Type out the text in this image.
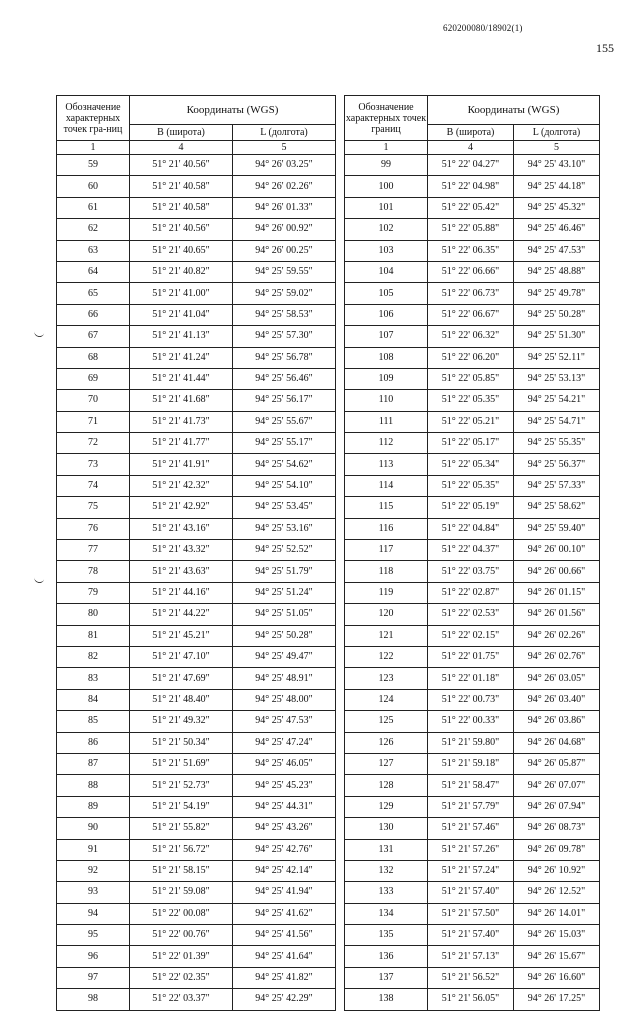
620200080/18902(1)
155
Обозначение характерных точек гра-ниц	Координаты (WGS)	
	B (широта)	L (долгота)
1	4	5
59	51° 21' 40.56"	94° 26' 03.25"
60	51° 21' 40.58"	94° 26' 02.26"
61	51° 21' 40.58"	94° 26' 01.33"
62	51° 21' 40.56"	94° 26' 00.92"
63	51° 21' 40.65"	94° 26' 00.25"
64	51° 21' 40.82"	94° 25' 59.55"
65	51° 21' 41.00"	94° 25' 59.02"
66	51° 21' 41.04"	94° 25' 58.53"
67	51° 21' 41.13"	94° 25' 57.30"
68	51° 21' 41.24"	94° 25' 56.78"
69	51° 21' 41.44"	94° 25' 56.46"
70	51° 21' 41.68"	94° 25' 56.17"
71	51° 21' 41.73"	94° 25' 55.67"
72	51° 21' 41.77"	94° 25' 55.17"
73	51° 21' 41.91"	94° 25' 54.62"
74	51° 21' 42.32"	94° 25' 54.10"
75	51° 21' 42.92"	94° 25' 53.45"
76	51° 21' 43.16"	94° 25' 53.16"
77	51° 21' 43.32"	94° 25' 52.52"
78	51° 21' 43.63"	94° 25' 51.79"
79	51° 21' 44.16"	94° 25' 51.24"
80	51° 21' 44.22"	94° 25' 51.05"
81	51° 21' 45.21"	94° 25' 50.28"
82	51° 21' 47.10"	94° 25' 49.47"
83	51° 21' 47.69"	94° 25' 48.91"
84	51° 21' 48.40"	94° 25' 48.00"
85	51° 21' 49.32"	94° 25' 47.53"
86	51° 21' 50.34"	94° 25' 47.24"
87	51° 21' 51.69"	94° 25' 46.05"
88	51° 21' 52.73"	94° 25' 45.23"
89	51° 21' 54.19"	94° 25' 44.31"
90	51° 21' 55.82"	94° 25' 43.26"
91	51° 21' 56.72"	94° 25' 42.76"
92	51° 21' 58.15"	94° 25' 42.14"
93	51° 21' 59.08"	94° 25' 41.94"
94	51° 22' 00.08"	94° 25' 41.62"
95	51° 22' 00.76"	94° 25' 41.56"
96	51° 22' 01.39"	94° 25' 41.64"
97	51° 22' 02.35"	94° 25' 41.82"
98	51° 22' 03.37"	94° 25' 42.29"
Обозначение характерных точек границ	Координаты (WGS)	
	B (широта)	L (долгота)
1	4	5
99	51° 22' 04.27"	94° 25' 43.10"
100	51° 22' 04.98"	94° 25' 44.18"
101	51° 22' 05.42"	94° 25' 45.32"
102	51° 22' 05.88"	94° 25' 46.46"
103	51° 22' 06.35"	94° 25' 47.53"
104	51° 22' 06.66"	94° 25' 48.88"
105	51° 22' 06.73"	94° 25' 49.78"
106	51° 22' 06.67"	94° 25' 50.28"
107	51° 22' 06.32"	94° 25' 51.30"
108	51° 22' 06.20"	94° 25' 52.11"
109	51° 22' 05.85"	94° 25' 53.13"
110	51° 22' 05.35"	94° 25' 54.21"
111	51° 22' 05.21"	94° 25' 54.71"
112	51° 22' 05.17"	94° 25' 55.35"
113	51° 22' 05.34"	94° 25' 56.37"
114	51° 22' 05.35"	94° 25' 57.33"
115	51° 22' 05.19"	94° 25' 58.62"
116	51° 22' 04.84"	94° 25' 59.40"
117	51° 22' 04.37"	94° 26' 00.10"
118	51° 22' 03.75"	94° 26' 00.66"
119	51° 22' 02.87"	94° 26' 01.15"
120	51° 22' 02.53"	94° 26' 01.56"
121	51° 22' 02.15"	94° 26' 02.26"
122	51° 22' 01.75"	94° 26' 02.76"
123	51° 22' 01.18"	94° 26' 03.05"
124	51° 22' 00.73"	94° 26' 03.40"
125	51° 22' 00.33"	94° 26' 03.86"
126	51° 21' 59.80"	94° 26' 04.68"
127	51° 21' 59.18"	94° 26' 05.87"
128	51° 21' 58.47"	94° 26' 07.07"
129	51° 21' 57.79"	94° 26' 07.94"
130	51° 21' 57.46"	94° 26' 08.73"
131	51° 21' 57.26"	94° 26' 09.78"
132	51° 21' 57.24"	94° 26' 10.92"
133	51° 21' 57.40"	94° 26' 12.52"
134	51° 21' 57.50"	94° 26' 14.01"
135	51° 21' 57.40"	94° 26' 15.03"
136	51° 21' 57.13"	94° 26' 15.67"
137	51° 21' 56.52"	94° 26' 16.60"
138	51° 21' 56.05"	94° 26' 17.25"
